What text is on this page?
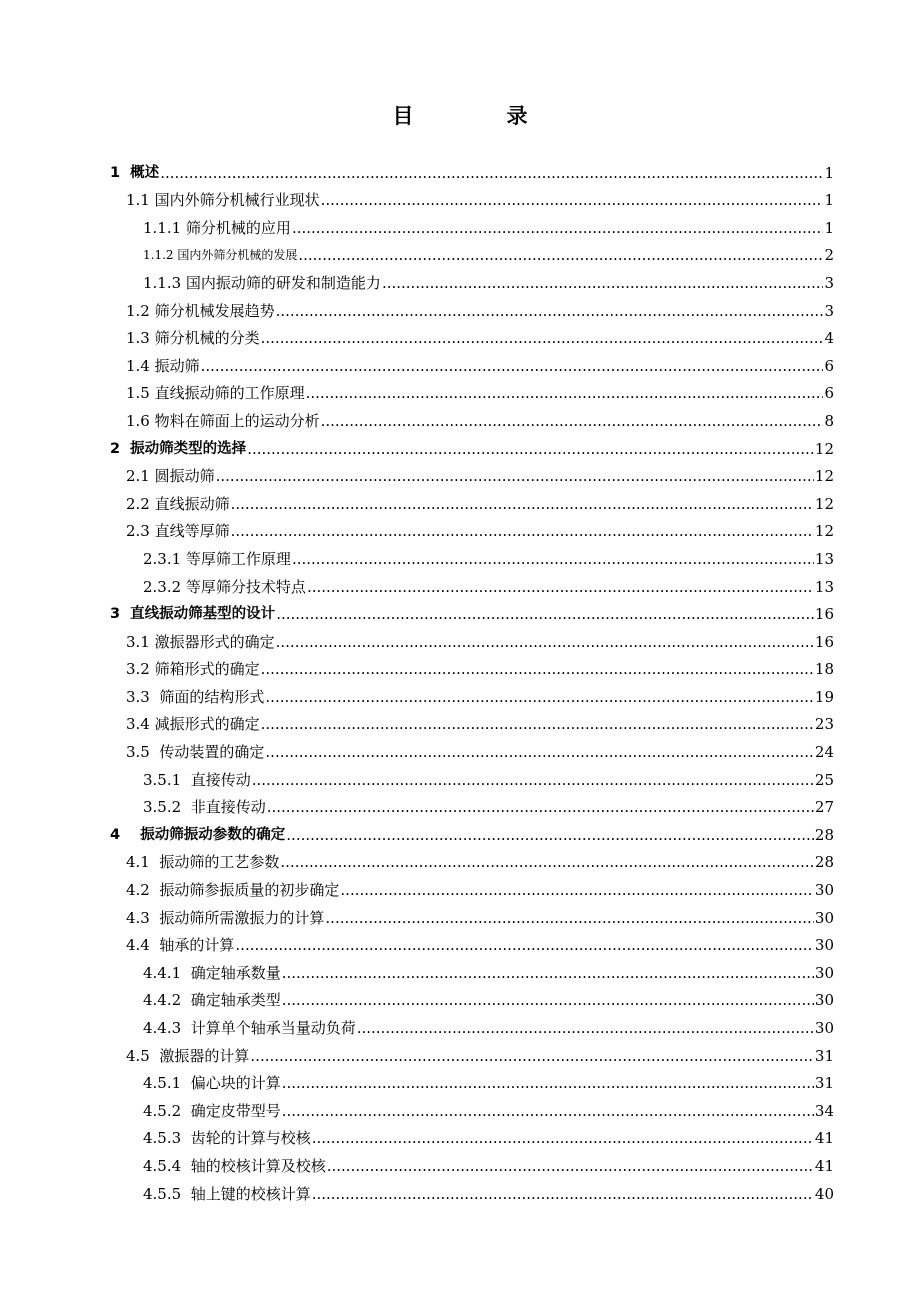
目　录
1  概述 .....	1
1.1 国内外筛分机械行业现状 .....	1
1.1.1 筛分机械的应用 .....	1
1.1.2 国内外筛分机械的发展 .....	2
1.1.3 国内振动筛的研发和制造能力 .....	3
1.2 筛分机械发展趋势 .....	3
1.3 筛分机械的分类 .....	4
1.4 振动筛 .....	6
1.5 直线振动筛的工作原理 .....	6
1.6 物料在筛面上的运动分析 .....	8
2  振动筛类型的选择 .....	12
2.1 圆振动筛 .....	12
2.2 直线振动筛 .....	12
2.3 直线等厚筛 .....	12
2.3.1 等厚筛工作原理 .....	13
2.3.2 等厚筛分技术特点 .....	13
3  直线振动筛基型的设计 .....	16
3.1 激振器形式的确定 .....	16
3.2 筛箱形式的确定 .....	18
3.3  筛面的结构形式 .....	19
3.4 减振形式的确定 .....	23
3.5  传动装置的确定 .....	24
3.5.1  直接传动 .....	25
3.5.2  非直接传动 .....	27
4    振动筛振动参数的确定 .....	28
4.1  振动筛的工艺参数 .....	28
4.2  振动筛参振质量的初步确定 .....	30
4.3  振动筛所需激振力的计算 .....	30
4.4  轴承的计算 .....	30
4.4.1  确定轴承数量 .....	30
4.4.2  确定轴承类型 .....	30
4.4.3  计算单个轴承当量动负荷 .....	30
4.5  激振器的计算 .....	31
4.5.1  偏心块的计算 .....	31
4.5.2  确定皮带型号 .....	34
4.5.3  齿轮的计算与校核 .....	41
4.5.4  轴的校核计算及校核 .....	41
4.5.5  轴上键的校核计算 .....	40
